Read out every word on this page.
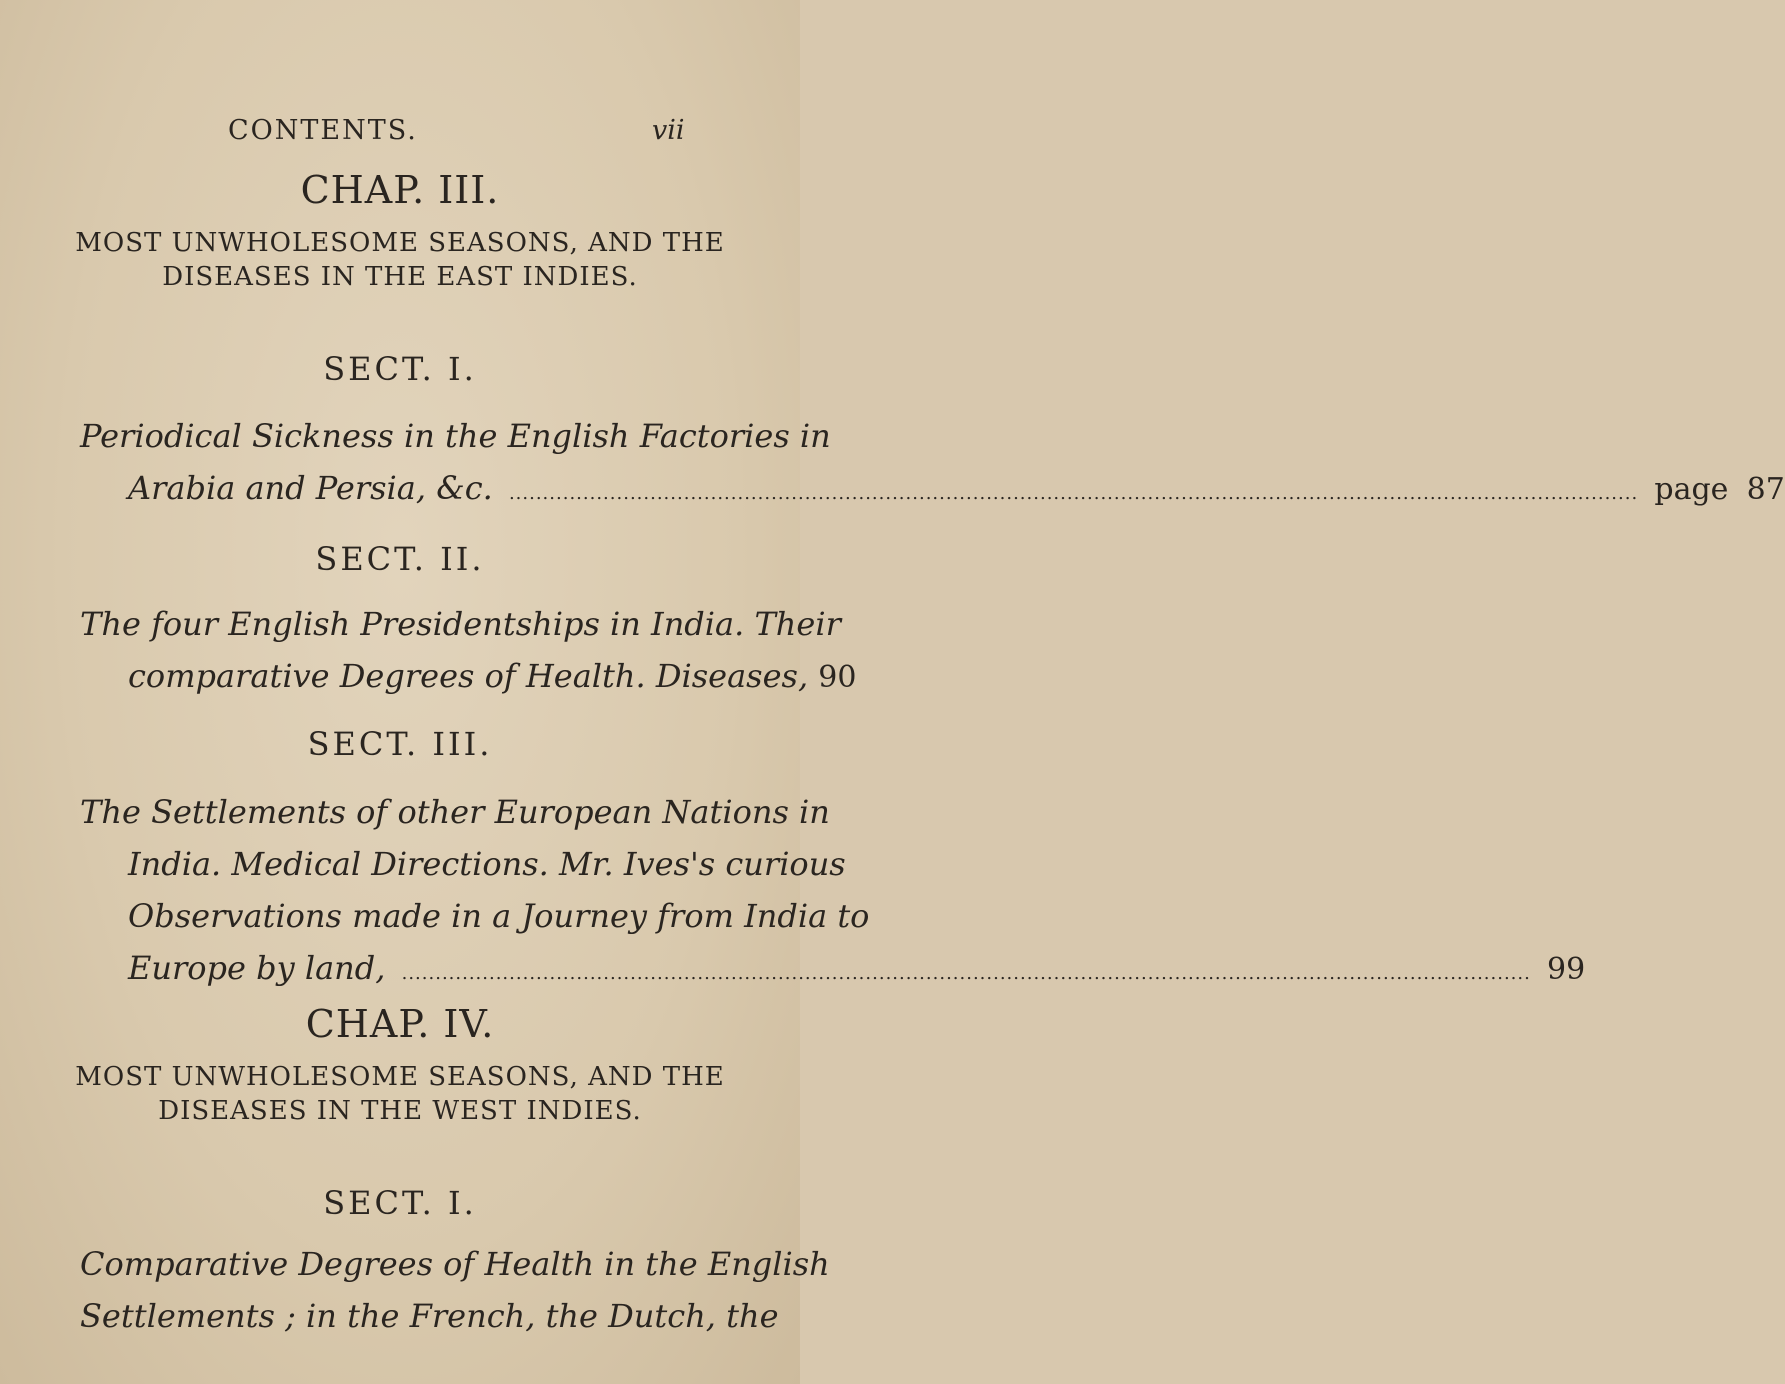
CONTENTS.	vii
CHAP. III.
MOST UNWHOLESOME SEASONS, AND THE
DISEASES IN THE EAST INDIES.
SECT. I.
Periodical Sickness in the English Factories in
Arabia and Persia, &c. .....	page 87
SECT. II.
The four English Presidentships in India. Their
comparative Degrees of Health. Diseases, 90
SECT. III.
The Settlements of other European Nations in
India. Medical Directions. Mr. Ives's curious
Observations made in a Journey from India to
Europe by land, .....	99
CHAP. IV.
MOST UNWHOLESOME SEASONS, AND THE
DISEASES IN THE WEST INDIES.
SECT. I.
Comparative Degrees of Health in the English
Settlements ; in the French, the Dutch, the
